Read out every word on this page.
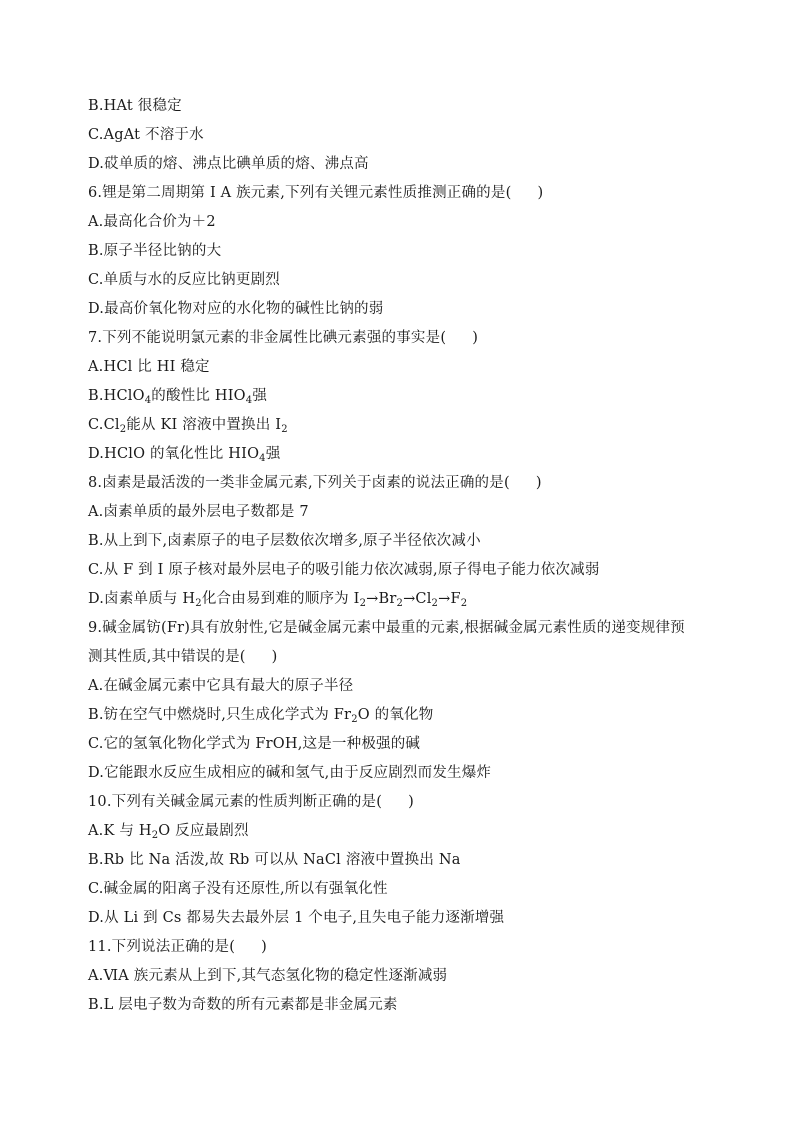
B.HAt 很稳定
C.AgAt 不溶于水
D.砹单质的熔、沸点比碘单质的熔、沸点高
6.锂是第二周期第 Ⅰ A 族元素,下列有关锂元素性质推测正确的是( )
A.最高化合价为＋2
B.原子半径比钠的大
C.单质与水的反应比钠更剧烈
D.最高价氧化物对应的水化物的碱性比钠的弱
7.下列不能说明氯元素的非金属性比碘元素强的事实是( )
A.HCl 比 HI 稳定
B.HClO$_4$的酸性比 $HIO_4$强
$C.Cl_2$能从 KI 溶液中置换出 $I_2$
D.HClO 的氧化性比 $HIO_4$强
8.卤素是最活泼的一类非金属元素,下列关于卤素的说法正确的是( )
A.卤素单质的最外层电子数都是 7
B.从上到下,卤素原子的电子层数依次增多,原子半径依次减小
C.从 F 到 I 原子核对最外层电子的吸引能力依次减弱,原子得电子能力依次减弱
D.卤素单质与 $H_2$化合由易到难的顺序为 $I_2\to Br_2\to Cl_2\to F_2$
9.碱金属钫(Fr)具有放射性,它是碱金属元素中最重的元素,根据碱金属元素性质的递变规律预
测其性质,其中错误的是( )
A.在碱金属元素中它具有最大的原子半径
B.钫在空气中燃烧时,只生成化学式为 $Fr_2O$ 的氧化物
C.它的氢氧化物化学式为 FrOH,这是一种极强的碱
D.它能跟水反应生成相应的碱和氢气,由于反应剧烈而发生爆炸
10.下列有关碱金属元素的性质判断正确的是( )
A.K 与 $H_2O$ 反应最剧烈
B.Rb 比 Na 活泼,故 Rb 可以从 NaCl 溶液中置换出 Na
C.碱金属的阳离子没有还原性,所以有强氧化性
D.从 Li 到 Cs 都易失去最外层 1 个电子,且失电子能力逐渐增强
11.下列说法正确的是( )
A.ⅥA 族元素从上到下,其气态氢化物的稳定性逐渐减弱
B.L 层电子数为奇数的所有元素都是非金属元素
